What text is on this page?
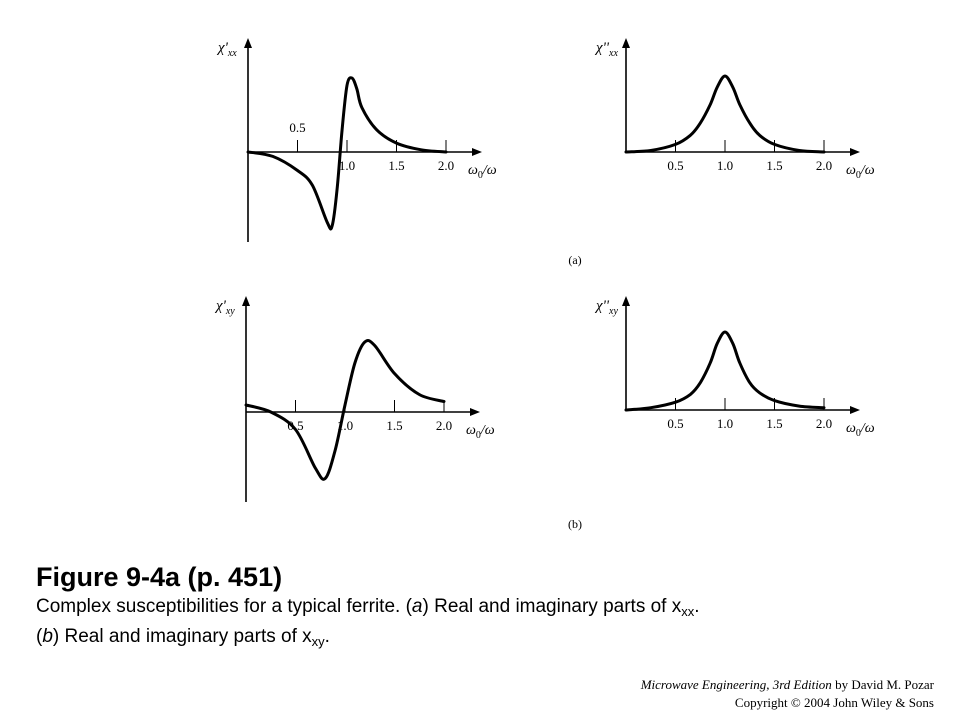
$\chi'_{xx}$
$\omega_0/\omega$
1.0	1.5	2.0
0.5
$\chi''_{xx}$
$\omega_0/\omega$
0.5	1.0	1.5	2.0
$\chi'_{xy}$
$\omega_0/\omega$
0.5	1.0	1.5	2.0
$\chi''_{xy}$
$\omega_0/\omega$
0.5	1.0	1.5	2.0
(a)
(b)
Figure 9-4a (p. 451)
Complex susceptibilities for a typical ferrite. (a) Real and imaginary parts of $x_{xx}$.
(b) Real and imaginary parts of $x_{xy}$.
Microwave Engineering, 3rd Edition by David M. Pozar
Copyright © 2004 John Wiley & Sons
